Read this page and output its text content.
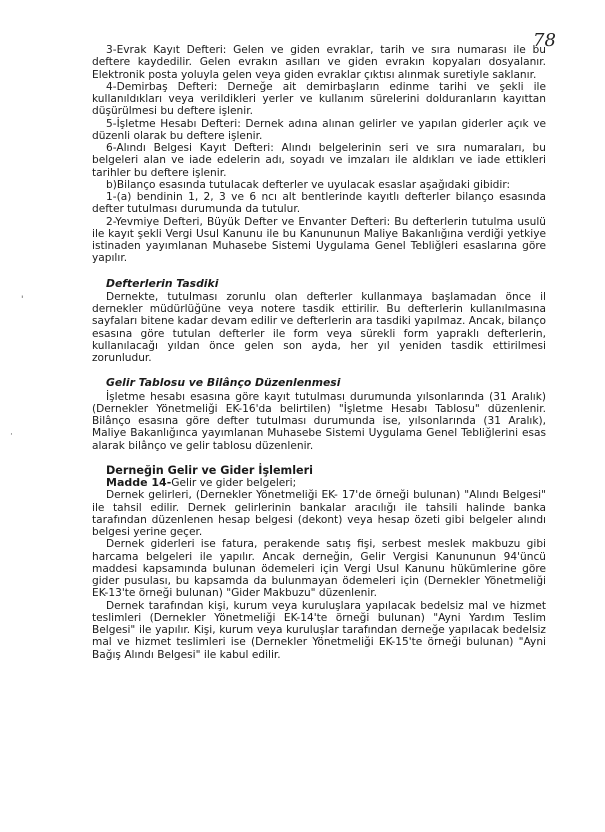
78
'
·

3-Evrak Kayıt Defteri: Gelen ve giden evraklar, tarih ve sıra numarası ile bu deftere kaydedilir. Gelen evrakın asılları ve giden evrakın kopyaları dosyalanır. Elektronik posta yoluyla gelen veya giden evraklar çıktısı alınmak suretiyle saklanır.

4-Demirbaş Defteri: Derneğe ait demirbaşların edinme tarihi ve şekli ile kullanıldıkları veya verildikleri yerler ve kullanım sürelerini dolduranların kayıttan düşürülmesi bu deftere işlenir.

5-İşletme Hesabı Defteri: Dernek adına alınan gelirler ve yapılan giderler açık ve düzenli olarak bu deftere işlenir.

6-Alındı Belgesi Kayıt Defteri: Alındı belgelerinin seri ve sıra numaraları, bu belgeleri alan ve iade edelerin adı, soyadı ve imzaları ile aldıkları ve iade ettikleri tarihler bu deftere işlenir.

b)Bilanço esasında tutulacak defterler ve uyulacak esaslar aşağıdaki gibidir:

1-(a) bendinin 1, 2, 3 ve 6 ncı alt bentlerinde kayıtlı defterler bilanço esasında defter tutulması durumunda da tutulur.

2-Yevmiye Defteri, Büyük Defter ve Envanter Defteri: Bu defterlerin tutulma usulü ile kayıt şekli Vergi Usul Kanunu ile bu Kanununun Maliye Bakanlığına verdiği yetkiye istinaden yayımlanan Muhasebe Sistemi Uygulama Genel Tebliğleri esaslarına göre yapılır.

Defterlerin Tasdiki

Dernekte, tutulması zorunlu olan defterler kullanmaya başlamadan önce il dernekler müdürlüğüne veya notere tasdik ettirilir. Bu defterlerin kullanılmasına sayfaları bitene kadar devam edilir ve defterlerin ara tasdiki yapılmaz. Ancak, bilanço esasına göre tutulan defterler ile form veya sürekli form yapraklı defterlerin, kullanılacağı yıldan önce gelen son ayda, her yıl yeniden tasdik ettirilmesi zorunludur.

Gelir Tablosu ve Bilânço Düzenlenmesi

İşletme hesabı esasına göre kayıt tutulması durumunda yılsonlarında (31 Aralık) (Dernekler Yönetmeliği EK-16'da belirtilen) "İşletme Hesabı Tablosu" düzenlenir. Bilânço esasına göre defter tutulması durumunda ise, yılsonlarında (31 Aralık), Maliye Bakanlığınca yayımlanan Muhasebe Sistemi Uygulama Genel Tebliğlerini esas alarak bilânço ve gelir tablosu düzenlenir.

Derneğin Gelir ve Gider İşlemleri

Madde 14-Gelir ve gider belgeleri;

Dernek gelirleri, (Dernekler Yönetmeliği EK- 17'de örneği bulunan) "Alındı Belgesi" ile tahsil edilir. Dernek gelirlerinin bankalar aracılığı ile tahsili halinde banka tarafından düzenlenen hesap belgesi (dekont) veya hesap özeti gibi belgeler alındı belgesi yerine geçer.

Dernek giderleri ise fatura, perakende satış fişi, serbest meslek makbuzu gibi harcama belgeleri ile yapılır. Ancak derneğin, Gelir Vergisi Kanununun 94'üncü maddesi kapsamında bulunan ödemeleri için Vergi Usul Kanunu hükümlerine göre gider pusulası, bu kapsamda da bulunmayan ödemeleri için (Dernekler Yönetmeliği EK-13'te örneği bulunan) "Gider Makbuzu" düzenlenir.

Dernek tarafından kişi, kurum veya kuruluşlara yapılacak bedelsiz mal ve hizmet teslimleri (Dernekler Yönetmeliği EK-14'te örneği bulunan) "Ayni Yardım Teslim Belgesi" ile yapılır. Kişi, kurum veya kuruluşlar tarafından derneğe yapılacak bedelsiz mal ve hizmet teslimleri ise (Dernekler Yönetmeliği EK-15'te örneği bulunan) "Ayni Bağış Alındı Belgesi" ile kabul edilir.
